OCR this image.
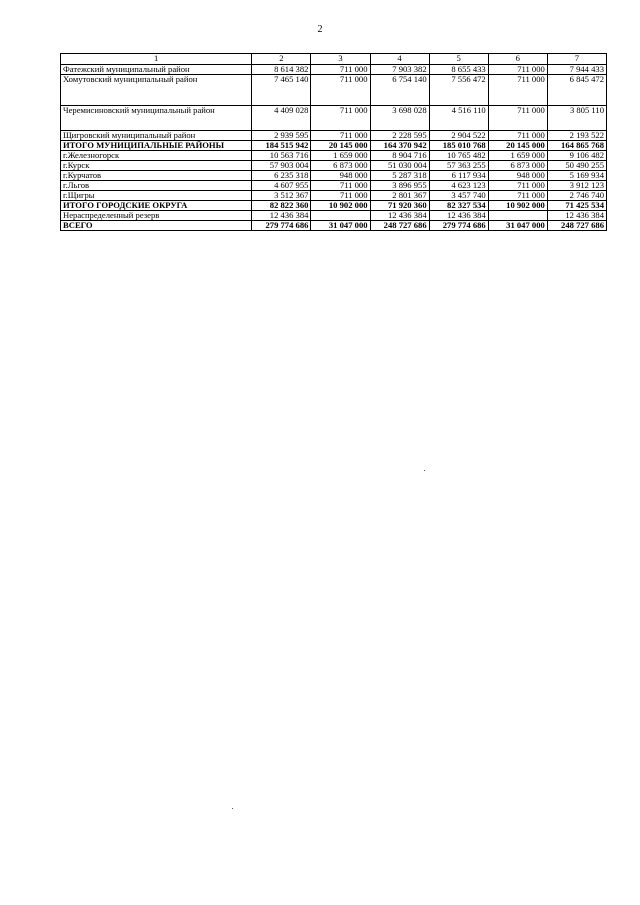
2
1	2	3	4	5	6	7
Фатежский муниципальный район	8 614 382	711 000	7 903 382	8 655 433	711 000	7 944 433
Хомутовский муниципальный район	7 465 140	711 000	6 754 140	7 556 472	711 000	6 845 472
Черемисиновский муниципальный район	4 409 028	711 000	3 698 028	4 516 110	711 000	3 805 110
Щигровский муниципальный район	2 939 595	711 000	2 228 595	2 904 522	711 000	2 193 522
ИТОГО МУНИЦИПАЛЬНЫЕ РАЙОНЫ	184 515 942	20 145 000	164 370 942	185 010 768	20 145 000	164 865 768
г.Железногорск	10 563 716	1 659 000	8 904 716	10 765 482	1 659 000	9 106 482
г.Курск	57 903 004	6 873 000	51 030 004	57 363 255	6 873 000	50 490 255
г.Курчатов	6 235 318	948 000	5 287 318	6 117 934	948 000	5 169 934
г.Льгов	4 607 955	711 000	3 896 955	4 623 123	711 000	3 912 123
г.Щигры	3 512 367	711 000	2 801 367	3 457 740	711 000	2 746 740
ИТОГО ГОРОДСКИЕ ОКРУГА	82 822 360	10 902 000	71 920 360	82 327 534	10 902 000	71 425 534
Нераспределенный резерв	12 436 384		12 436 384	12 436 384		12 436 384
ВСЕГО	279 774 686	31 047 000	248 727 686	279 774 686	31 047 000	248 727 686
